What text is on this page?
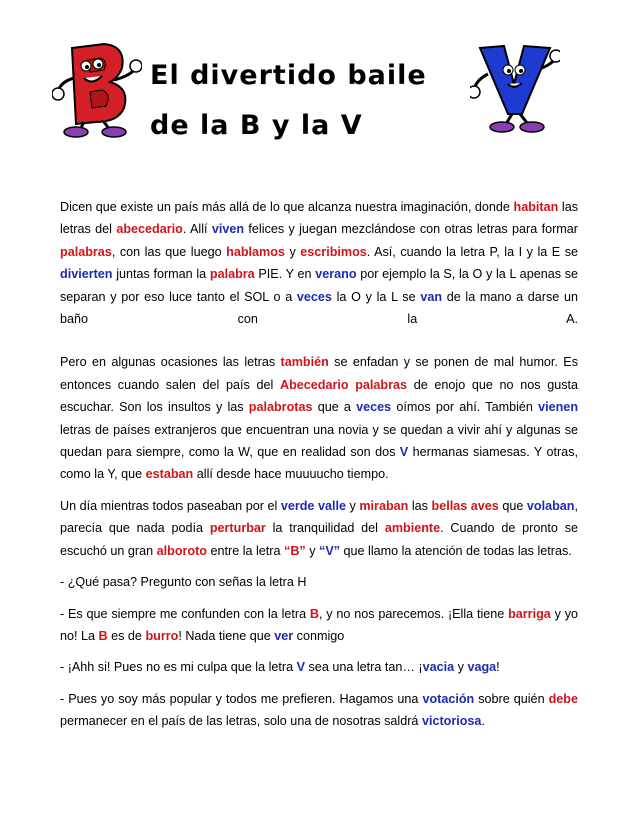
El divertido baile
de la B y la V

Dicen que existe un país más allá de lo que alcanza nuestra imaginación, donde habitan las letras del abecedario. Allí viven felices y juegan mezclándose con otras letras para formar palabras, con las que luego hablamos y escribimos. Así, cuando la letra P, la I y la E se divierten juntas forman la palabra PIE. Y en verano por ejemplo la S, la O y la L apenas se separan y por eso luce tanto el SOL o a veces la O y la L se van de la mano a darse un baño con la A.

Pero en algunas ocasiones las letras también se enfadan y se ponen de mal humor. Es entonces cuando salen del país del Abecedario palabras de enojo que no nos gusta escuchar. Son los insultos y las palabrotas que a veces oímos por ahí. También vienen letras de países extranjeros que encuentran una novia y se quedan a vivir ahí y algunas se quedan para siempre, como la W, que en realidad son dos V hermanas siamesas. Y otras, como la Y, que estaban allí desde hace muuuucho tiempo.

Un día mientras todos paseaban por el verde valle y miraban las bellas aves que volaban, parecía que nada podía perturbar la tranquilidad del ambiente. Cuando de pronto se escuchó un gran alboroto entre la letra “B” y “V” que llamo la atención de todas las letras.

- ¿Qué pasa? Pregunto con señas la letra H

- Es que siempre me confunden con la letra B, y no nos parecemos. ¡Ella tiene barriga y yo no! La B es de burro! Nada tiene que ver conmigo

- ¡Ahh si! Pues no es mi culpa que la letra V sea una letra tan… ¡vacia y vaga!

- Pues yo soy más popular y todos me prefieren. Hagamos una votación sobre quién debe permanecer en el país de las letras, solo una de nosotras saldrá victoriosa.
